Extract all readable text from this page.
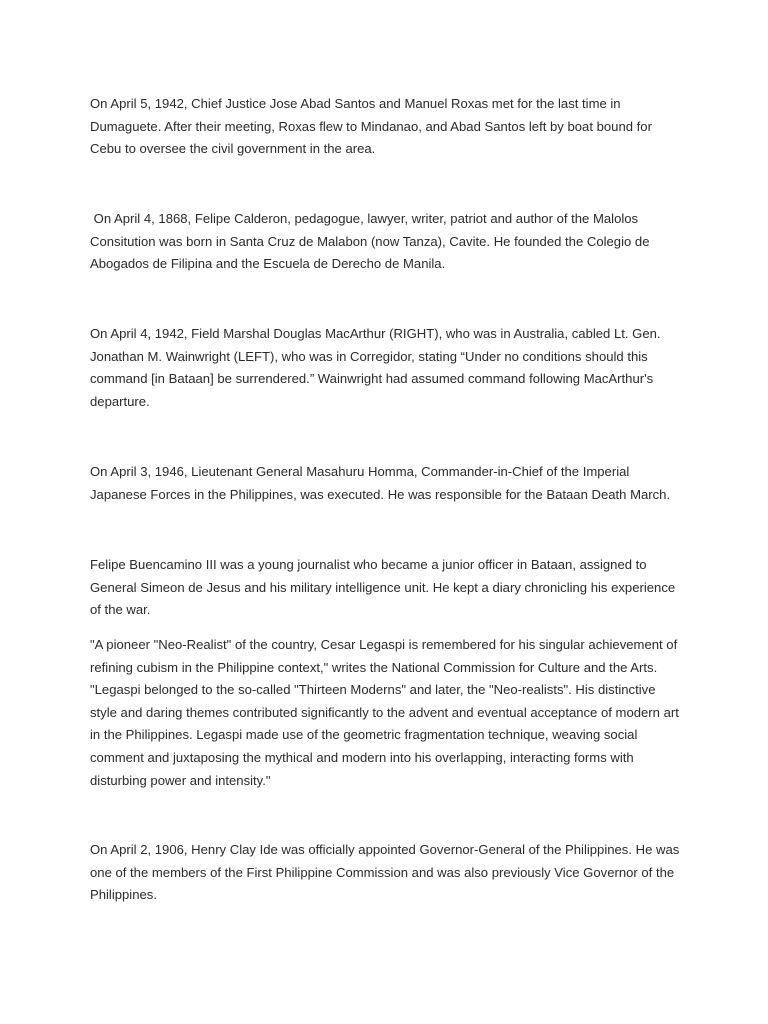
On April 5, 1942, Chief Justice Jose Abad Santos and Manuel Roxas met for the last time in Dumaguete. After their meeting, Roxas flew to Mindanao, and Abad Santos left by boat bound for Cebu to oversee the civil government in the area.

On April 4, 1868, Felipe Calderon, pedagogue, lawyer, writer, patriot and author of the Malolos Consitution was born in Santa Cruz de Malabon (now Tanza), Cavite. He founded the Colegio de Abogados de Filipina and the Escuela de Derecho de Manila.

On April 4, 1942, Field Marshal Douglas MacArthur (RIGHT), who was in Australia, cabled Lt. Gen. Jonathan M. Wainwright (LEFT), who was in Corregidor, stating “Under no conditions should this command [in Bataan] be surrendered.” Wainwright had assumed command following MacArthur's departure.

On April 3, 1946, Lieutenant General Masahuru Homma, Commander-in-Chief of the Imperial Japanese Forces in the Philippines, was executed. He was responsible for the Bataan Death March.

Felipe Buencamino III was a young journalist who became a junior officer in Bataan, assigned to General Simeon de Jesus and his military intelligence unit. He kept a diary chronicling his experience of the war.

"A pioneer "Neo-Realist" of the country, Cesar Legaspi is remembered for his singular achievement of refining cubism in the Philippine context," writes the National Commission for Culture and the Arts. "Legaspi belonged to the so-called "Thirteen Moderns" and later, the "Neo-realists". His distinctive style and daring themes contributed significantly to the advent and eventual acceptance of modern art in the Philippines. Legaspi made use of the geometric fragmentation technique, weaving social comment and juxtaposing the mythical and modern into his overlapping, interacting forms with disturbing power and intensity."

On April 2, 1906, Henry Clay Ide was officially appointed Governor-General of the Philippines. He was one of the members of the First Philippine Commission and was also previously Vice Governor of the Philippines.
